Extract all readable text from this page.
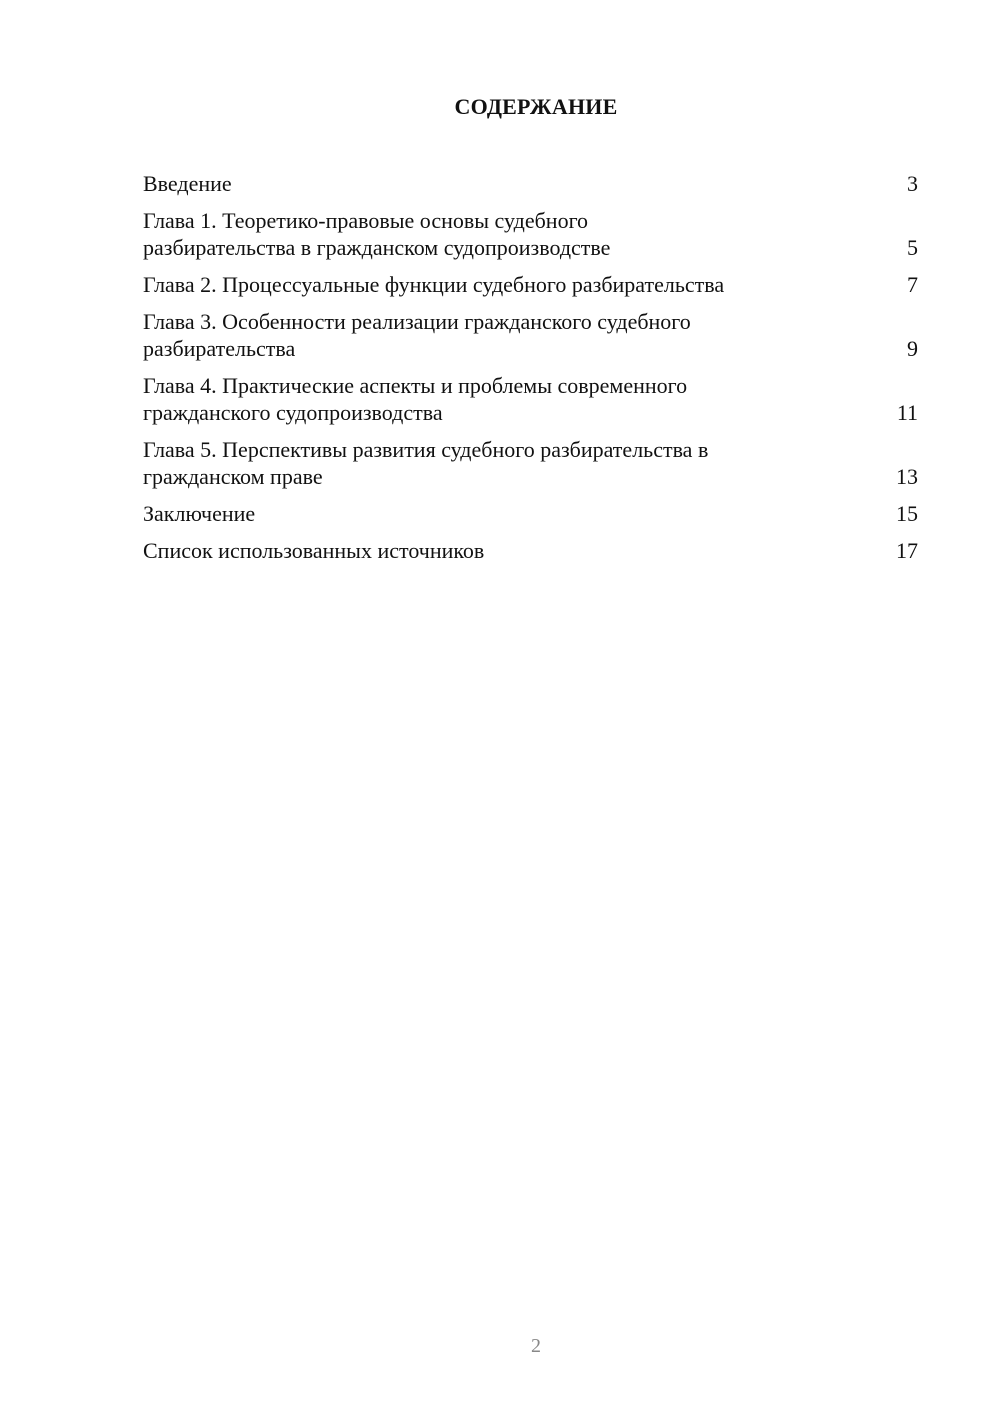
СОДЕРЖАНИЕ
Введение	3
Глава 1. Теоретико-правовые основы судебного
разбирательства в гражданском судопроизводстве	5
Глава 2. Процессуальные функции судебного разбирательства	7
Глава 3. Особенности реализации гражданского судебного
разбирательства	9
Глава 4. Практические аспекты и проблемы современного
гражданского судопроизводства	11
Глава 5. Перспективы развития судебного разбирательства в
гражданском праве	13
Заключение	15
Список использованных источников	17
2
